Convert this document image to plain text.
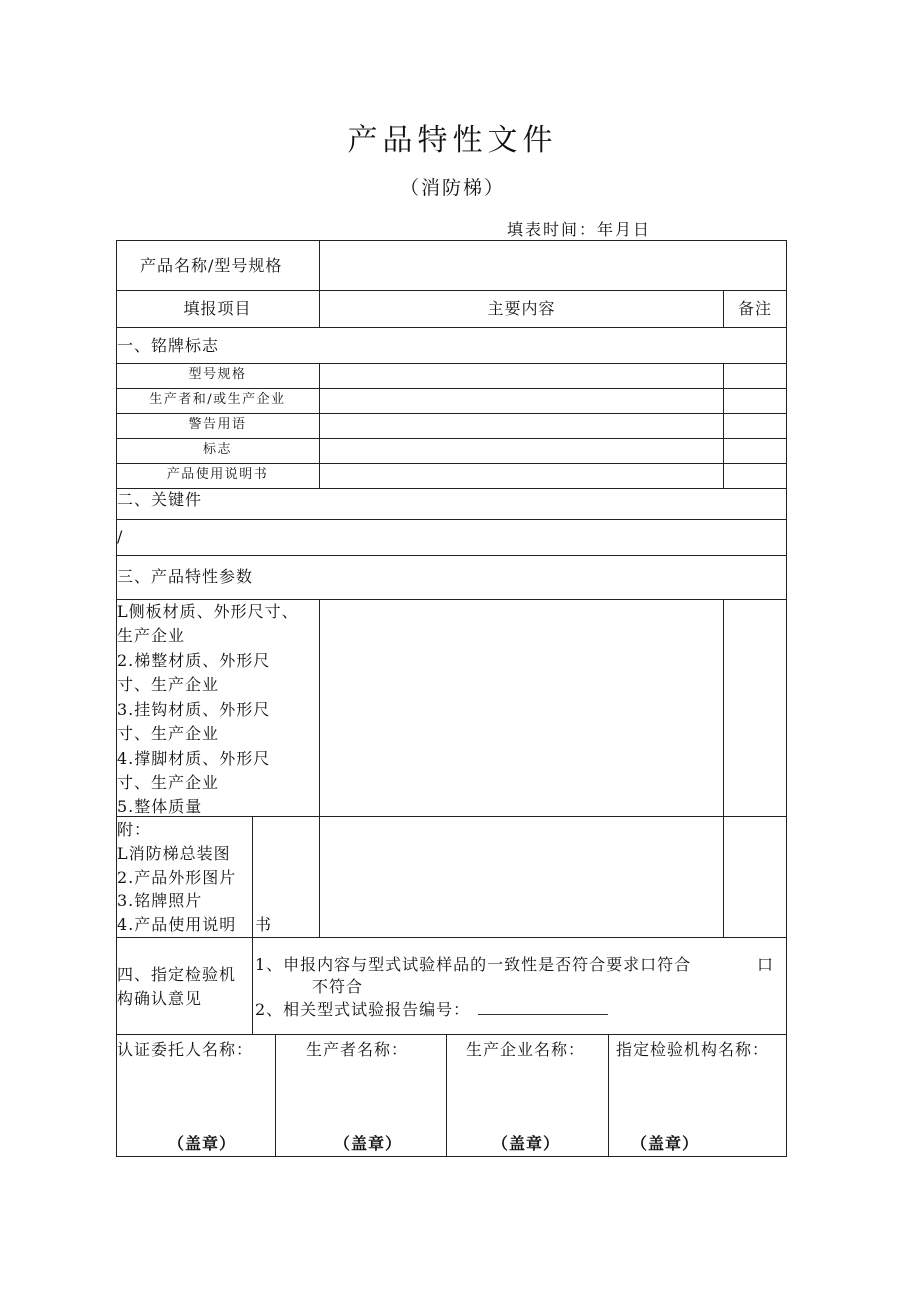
产品特性文件
（消防梯）
填表时间：年月日
产品名称/型号规格
填报项目	主要内容	备注
一、铭牌标志
型号规格
生产者和/或生产企业
警告用语
标志
产品使用说明书
二、关键件
/
三、产品特性参数
L侧板材质、外形尺寸、
生产企业
2.梯整材质、外形尺
寸、生产企业
3.挂钩材质、外形尺
寸、生产企业
4.撑脚材质、外形尺
寸、生产企业
5.整体质量
附：
L消防梯总装图
2.产品外形图片
3.铭牌照片
4.产品使用说明 书
四、指定检验机
构确认意见
1、申报内容与型式试验样品的一致性是否符合要求口符合	口
不符合
2、相关型式试验报告编号：
认证委托人名称：	生产者名称：	生产企业名称： 指定检验机构名称：
（盖章）	（盖章）	（盖章）	（盖章）
